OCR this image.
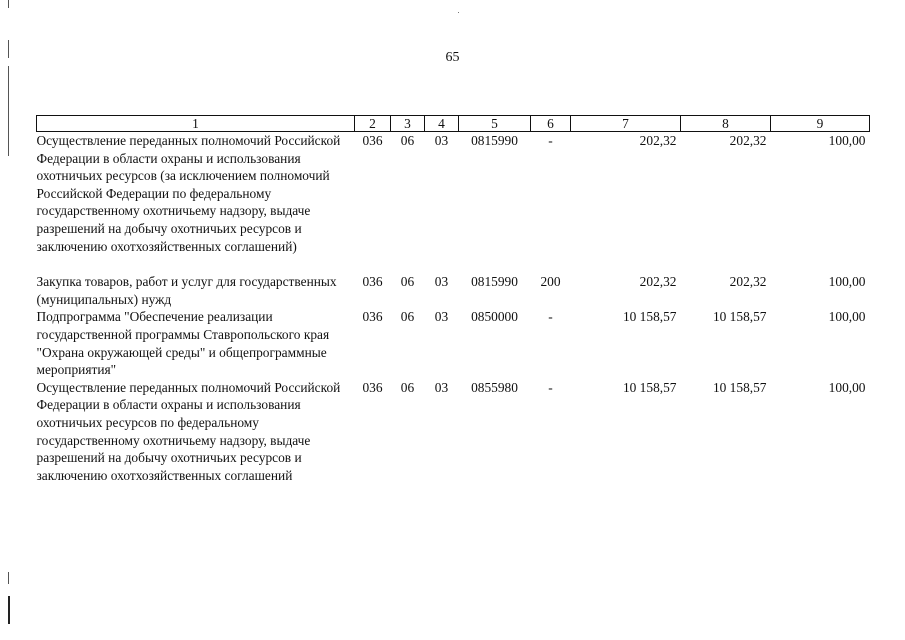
65
1	2	3	4	5	6	7	8	9
Осуществление переданных полномочий Российской Федерации в области охраны и использования охотничьих ресурсов (за исключением полномочий Российской Федерации по федеральному государственному охотничьему надзору, выдаче разрешений на добычу охотничьих ресурсов и заключению охотхозяйственных соглашений)	036	06	03	0815990	-	202,32	202,32	100,00

Закупка товаров, работ и услуг для государственных (муниципальных) нужд	036	06	03	0815990	200	202,32	202,32	100,00
Подпрограмма "Обеспечение реализации государственной программы Ставропольского края "Охрана окружающей среды" и общепрограммные мероприятия"	036	06	03	0850000	-	10 158,57	10 158,57	100,00
Осуществление переданных полномочий Российской Федерации в области охраны и использования охотничьих ресурсов по федеральному государственному охотничьему надзору, выдаче разрешений на добычу охотничьих ресурсов и заключению охотхозяйственных соглашений	036	06	03	0855980	-	10 158,57	10 158,57	100,00
